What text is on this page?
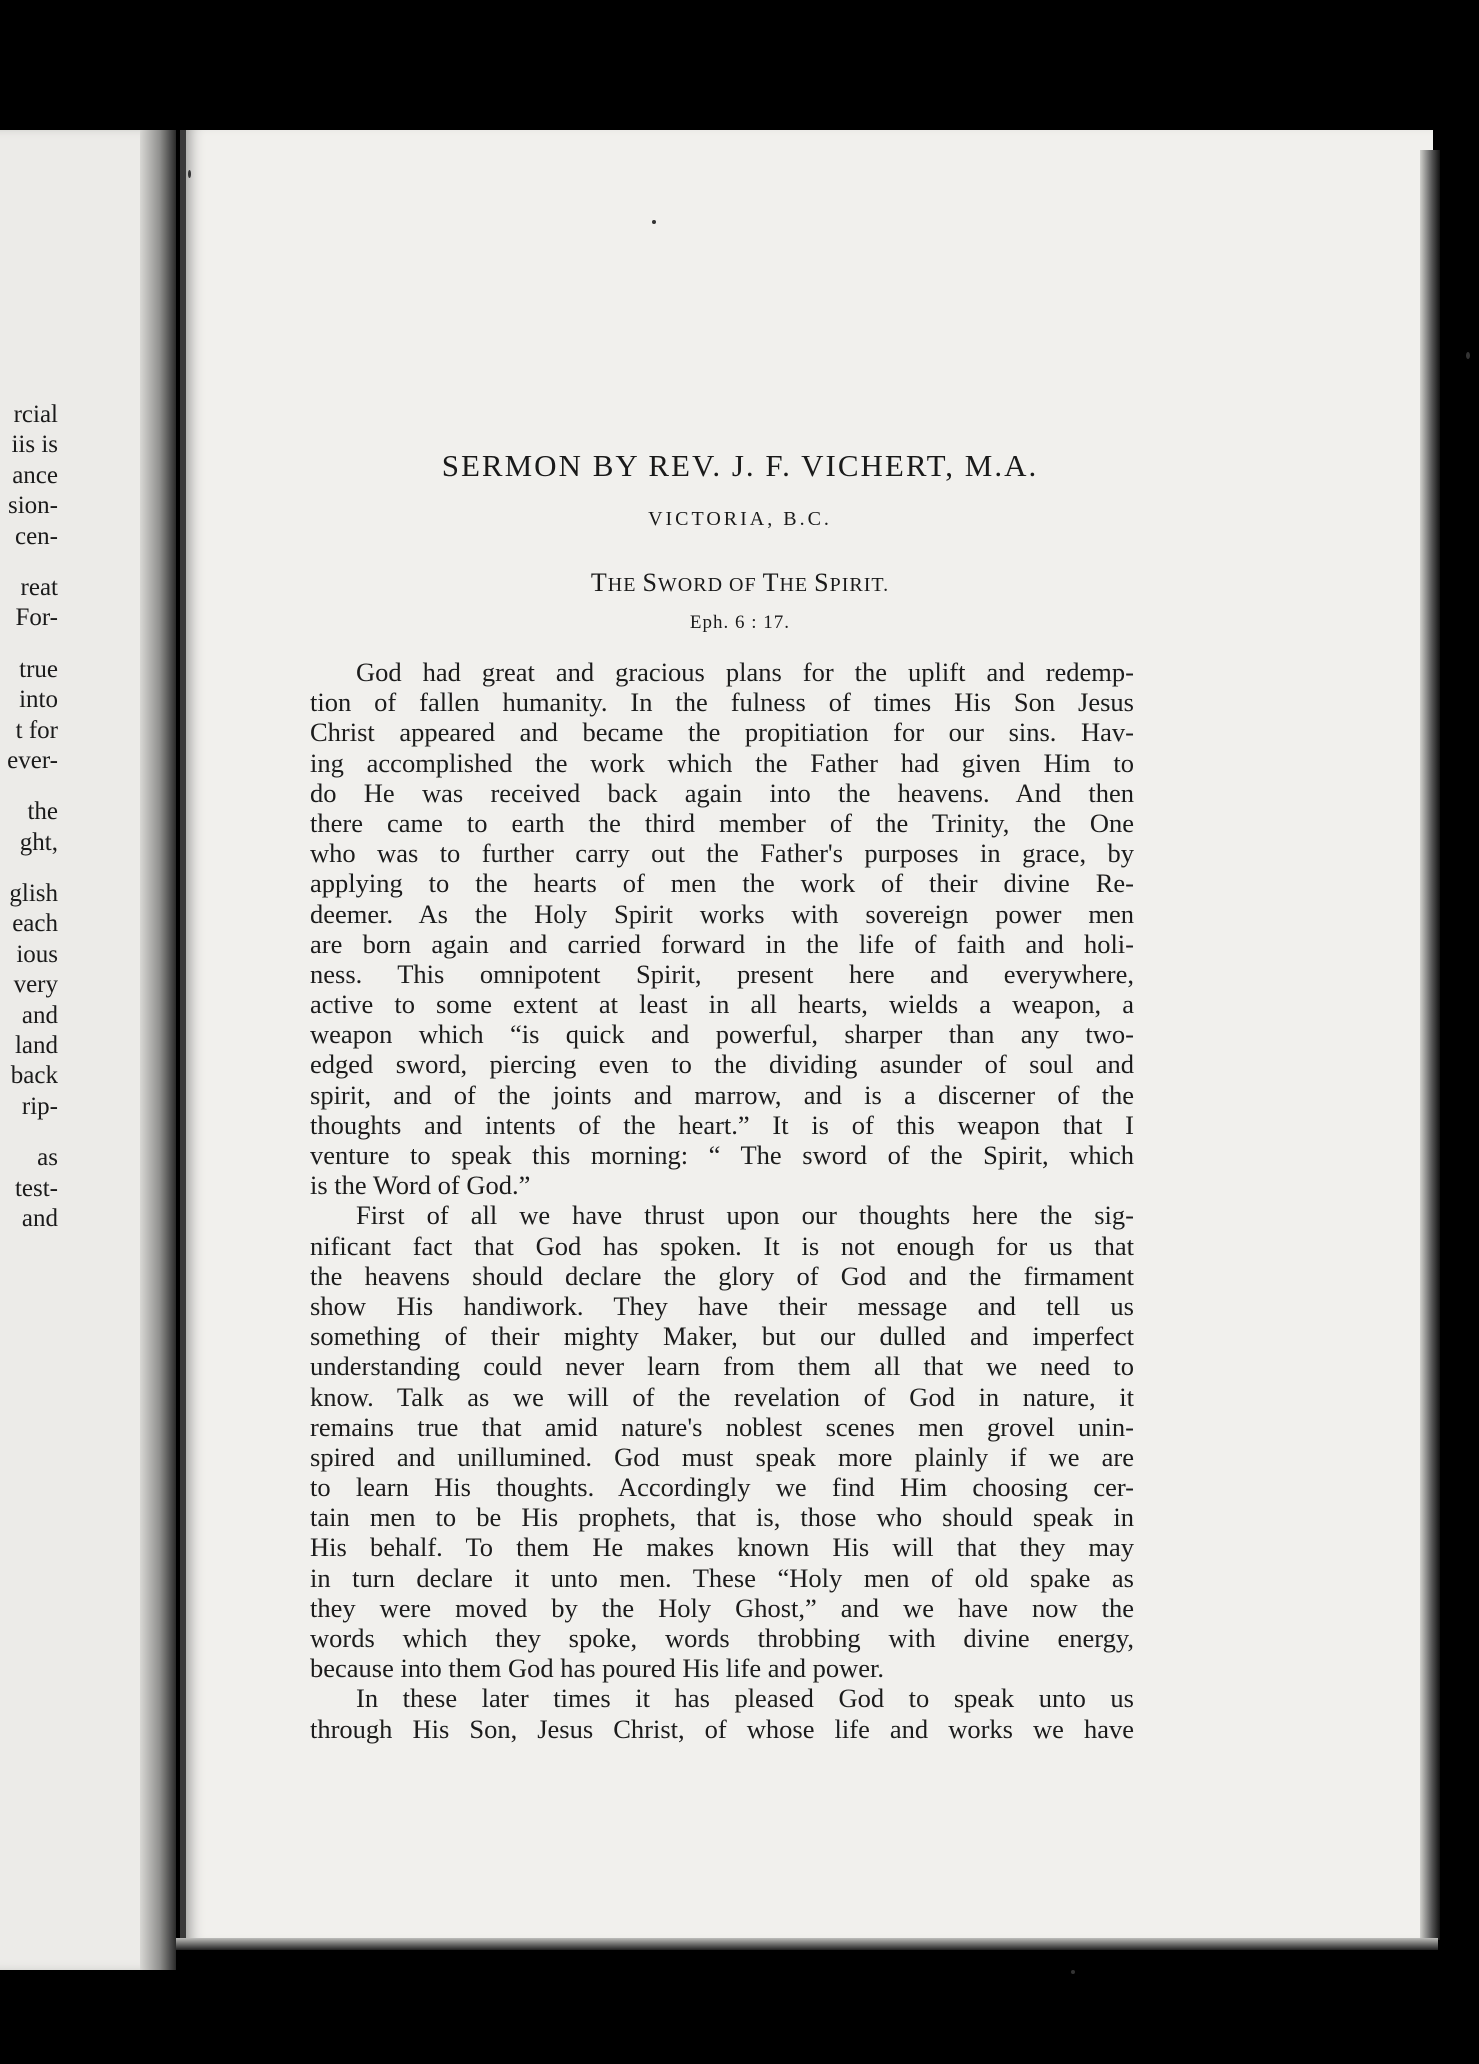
rcial
iis is
ance
sion-
cen-
reat
For-
true
into
t for
ever-
the
ght,
glish
each
ious
very
and
land
back
rip-
as
test-
and
SERMON BY REV. J. F. VICHERT, M.A.
VICTORIA, B.C.
THE SWORD OF THE SPIRIT.
Eph. 6 : 17.
God had great and gracious plans for the uplift and redemp-
tion of fallen humanity. In the fulness of times His Son Jesus
Christ appeared and became the propitiation for our sins. Hav-
ing accomplished the work which the Father had given Him to
do He was received back again into the heavens. And then
there came to earth the third member of the Trinity, the One
who was to further carry out the Father's purposes in grace, by
applying to the hearts of men the work of their divine Re-
deemer. As the Holy Spirit works with sovereign power men
are born again and carried forward in the life of faith and holi-
ness. This omnipotent Spirit, present here and everywhere,
active to some extent at least in all hearts, wields a weapon, a
weapon which “is quick and powerful, sharper than any two-
edged sword, piercing even to the dividing asunder of soul and
spirit, and of the joints and marrow, and is a discerner of the
thoughts and intents of the heart.” It is of this weapon that I
venture to speak this morning: “ The sword of the Spirit, which
is the Word of God.”
First of all we have thrust upon our thoughts here the sig-
nificant fact that God has spoken. It is not enough for us that
the heavens should declare the glory of God and the firmament
show His handiwork. They have their message and tell us
something of their mighty Maker, but our dulled and imperfect
understanding could never learn from them all that we need to
know. Talk as we will of the revelation of God in nature, it
remains true that amid nature's noblest scenes men grovel unin-
spired and unillumined. God must speak more plainly if we are
to learn His thoughts. Accordingly we find Him choosing cer-
tain men to be His prophets, that is, those who should speak in
His behalf. To them He makes known His will that they may
in turn declare it unto men. These “Holy men of old spake as
they were moved by the Holy Ghost,” and we have now the
words which they spoke, words throbbing with divine energy,
because into them God has poured His life and power.
In these later times it has pleased God to speak unto us
through His Son, Jesus Christ, of whose life and works we have
